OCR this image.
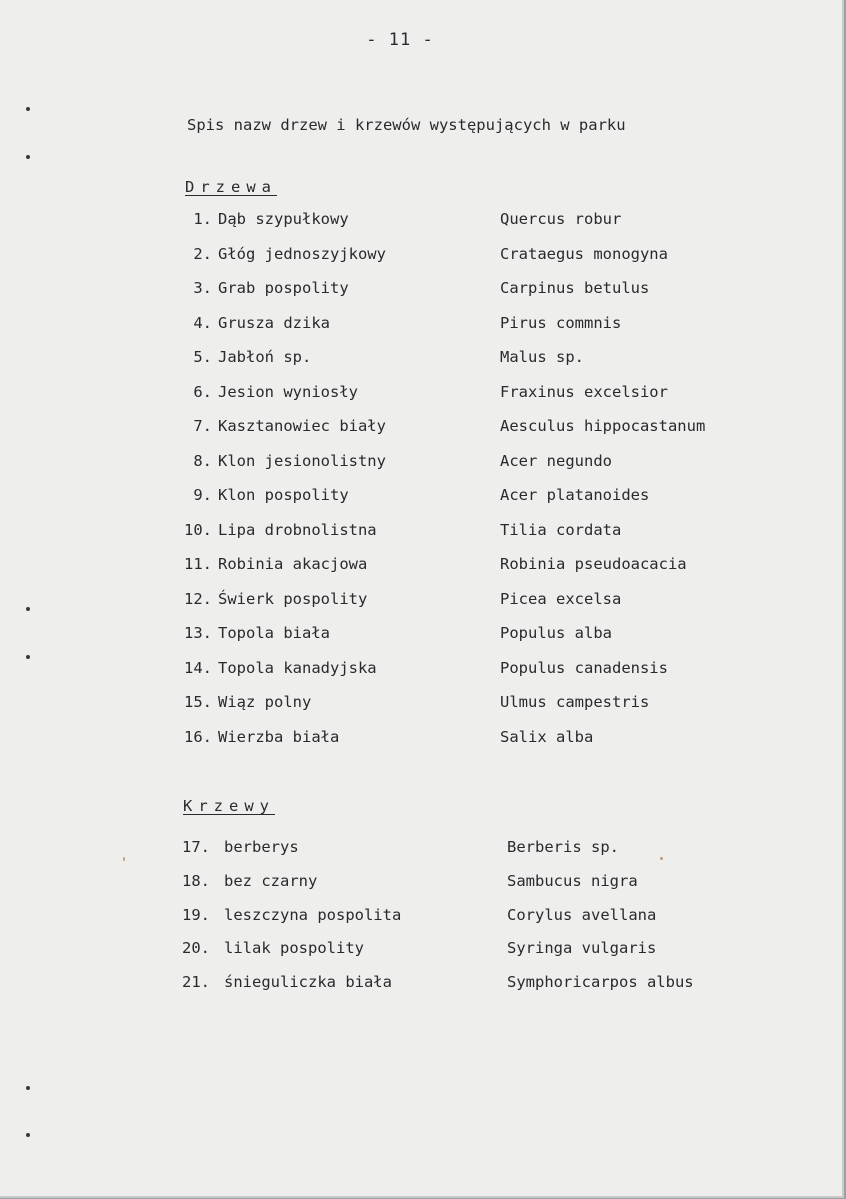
- 11 -
Spis nazw drzew i krzewów występujących w parku
Drzewa
1. Dąb szypułkowy	Quercus robur
2. Głóg jednoszyjkowy	Crataegus monogyna
3. Grab pospolity	Carpinus betulus
4. Grusza dzika	Pirus commnis
5. Jabłoń sp.	Malus sp.
6. Jesion wyniosły	Fraxinus excelsior
7. Kasztanowiec biały	Aesculus hippocastanum
8. Klon jesionolistny	Acer negundo
9. Klon pospolity	Acer platanoides
10. Lipa drobnolistna	Tilia cordata
11. Robinia akacjowa	Robinia pseudoacacia
12. Świerk pospolity	Picea excelsa
13. Topola biała	Populus alba
14. Topola kanadyjska	Populus canadensis
15. Wiąz polny	Ulmus campestris
16. Wierzba biała	Salix alba
Krzewy
17. berberys	Berberis sp.
18. bez czarny	Sambucus nigra
19. leszczyna pospolita	Corylus avellana
20. lilak pospolity	Syringa vulgaris
21. śnieguliczka biała	Symphoricarpos albus
